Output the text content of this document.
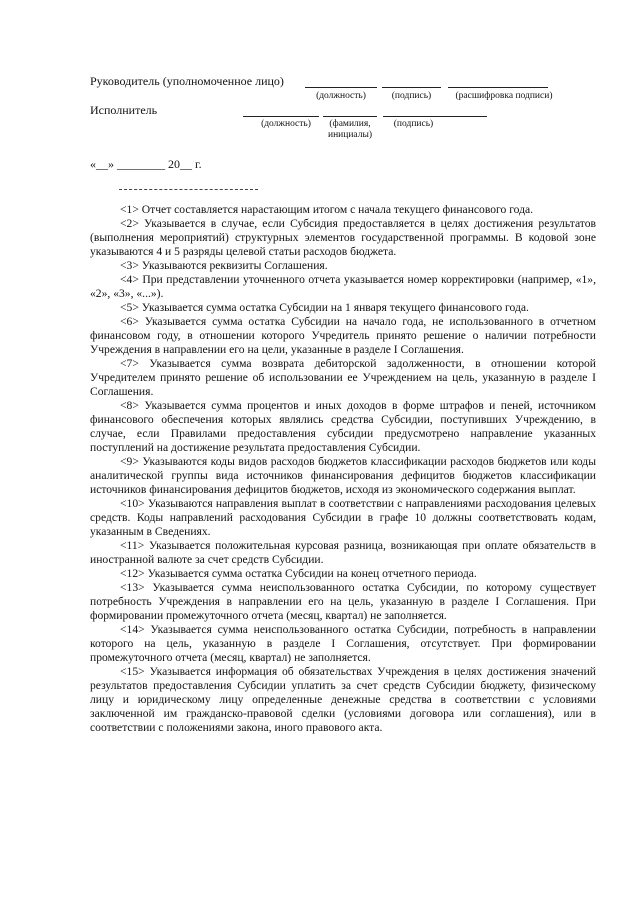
Руководитель (уполномоченное лицо)
(должность)	(подпись)	(расшифровка подписи)
Исполнитель
(должность)	(фамилия,
инициалы)
(подпись)
«__» ________ 20__ г.

<1> Отчет составляется нарастающим итогом с начала текущего финансового года.

<2> Указывается в случае, если Субсидия предоставляется в целях достижения результатов (выполнения мероприятий) структурных элементов государственной программы. В кодовой зоне указываются 4 и 5 разряды целевой статьи расходов бюджета.

<3> Указываются реквизиты Соглашения.

<4> При представлении уточненного отчета указывается номер корректировки (например, «1», «2», «3», «...»).

<5> Указывается сумма остатка Субсидии на 1 января текущего финансового года.

<6> Указывается сумма остатка Субсидии на начало года, не использованного в отчетном финансовом году, в отношении которого Учредитель принято решение о наличии потребности Учреждения в направлении его на цели, указанные в разделе I Соглашения.

<7> Указывается сумма возврата дебиторской задолженности, в отношении которой Учредителем принято решение об использовании ее Учреждением на цель, указанную в разделе I Соглашения.

<8> Указывается сумма процентов и иных доходов в форме штрафов и пеней, источником финансового обеспечения которых являлись средства Субсидии, поступивших Учреждению, в случае, если Правилами предоставления субсидии предусмотрено направление указанных поступлений на достижение результата предоставления Субсидии.

<9> Указываются коды видов расходов бюджетов классификации расходов бюджетов или коды аналитической группы вида источников финансирования дефицитов бюджетов классификации источников финансирования дефицитов бюджетов, исходя из экономического содержания выплат.

<10> Указываются направления выплат в соответствии с направлениями расходования целевых средств. Коды направлений расходования Субсидии в графе 10 должны соответствовать кодам, указанным в Сведениях.

<11> Указывается положительная курсовая разница, возникающая при оплате обязательств в иностранной валюте за счет средств Субсидии.

<12> Указывается сумма остатка Субсидии на конец отчетного периода.

<13> Указывается сумма неиспользованного остатка Субсидии, по которому существует потребность Учреждения в направлении его на цель, указанную в разделе I Соглашения. При формировании промежуточного отчета (месяц, квартал) не заполняется.

<14> Указывается сумма неиспользованного остатка Субсидии, потребность в направлении которого на цель, указанную в разделе I Соглашения, отсутствует. При формировании промежуточного отчета (месяц, квартал) не заполняется.

<15> Указывается информация об обязательствах Учреждения в целях достижения значений результатов предоставления Субсидии уплатить за счет средств Субсидии бюджету, физическому лицу и юридическому лицу определенные денежные средства в соответствии с условиями заключенной им гражданско-правовой сделки (условиями договора или соглашения), или в соответствии с положениями закона, иного правового акта.
